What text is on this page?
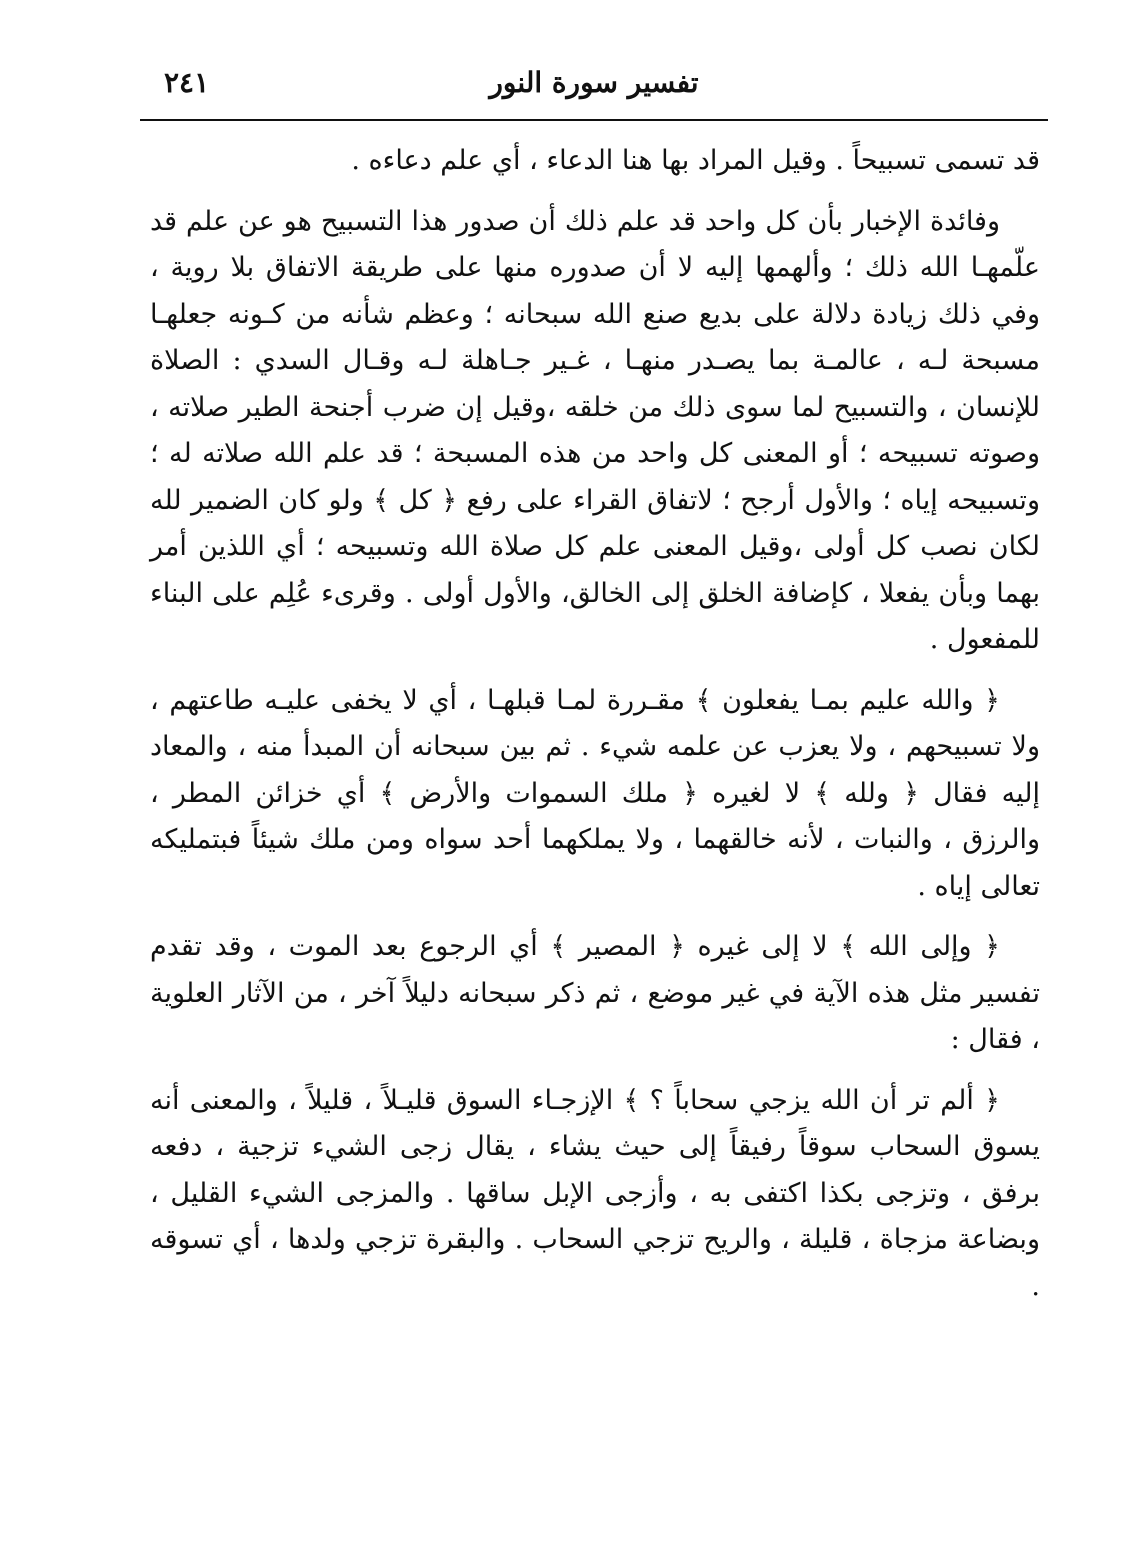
٢٤١	تفسير سورة النور

قد تسمى تسبيحاً . وقيل المراد بها هنا الدعاء ، أي علم دعاءه .

وفائدة الإخبار بأن كل واحد قد علم ذلك أن صدور هذا التسبيح هو عن علم قد علّمهـا الله ذلك ؛ وألهمها إليه لا أن صدوره منها على طريقة الاتفاق بلا روية ، وفي ذلك زيادة دلالة على بديع صنع الله سبحانه ؛ وعظم شأنه من كـونه جعلهـا مسبحة لـه ، عالمـة بما يصـدر منهـا ، غـير جـاهلة لـه وقـال السدي : الصلاة للإنسان ، والتسبيح لما سوى ذلك من خلقه ،وقيل إن ضرب أجنحة الطير صلاته ، وصوته تسبيحه ؛ أو المعنى كل واحد من هذه المسبحة ؛ قد علم الله صلاته له ؛ وتسبيحه إياه ؛ والأول أرجح ؛ لاتفاق القراء على رفع ﴿ كل ﴾ ولو كان الضمير لله لكان نصب كل أولى ،وقيل المعنى علم كل صلاة الله وتسبيحه ؛ أي اللذين أمر بهما وبأن يفعلا ، كإضافة الخلق إلى الخالق، والأول أولى . وقرىء عُلِم على البناء للمفعول .

﴿ والله عليم بمـا يفعلون ﴾ مقـررة لمـا قبلهـا ، أي لا يخفى عليـه طاعتهم ، ولا تسبيحهم ، ولا يعزب عن علمه شيء . ثم بين سبحانه أن المبدأ منه ، والمعاد إليه فقال ﴿ ولله ﴾ لا لغيره ﴿ ملك السموات والأرض ﴾ أي خزائن المطر ، والرزق ، والنبات ، لأنه خالقهما ، ولا يملكهما أحد سواه ومن ملك شيئاً فبتمليكه تعالى إياه .

﴿ وإلى الله ﴾ لا إلى غيره ﴿ المصير ﴾ أي الرجوع بعد الموت ، وقد تقدم تفسير مثل هذه الآية في غير موضع ، ثم ذكر سبحانه دليلاً آخر ، من الآثار العلوية ، فقال :

﴿ ألم تر أن الله يزجي سحاباً ؟ ﴾ الإزجـاء السوق قليـلاً ، قليلاً ، والمعنى أنه يسوق السحاب سوقاً رفيقاً إلى حيث يشاء ، يقال زجى الشيء تزجية ، دفعه برفق ، وتزجى بكذا اكتفى به ، وأزجى الإبل ساقها . والمزجى الشيء القليل ، وبضاعة مزجاة ، قليلة ، والريح تزجي السحاب . والبقرة تزجي ولدها ، أي تسوقه .
